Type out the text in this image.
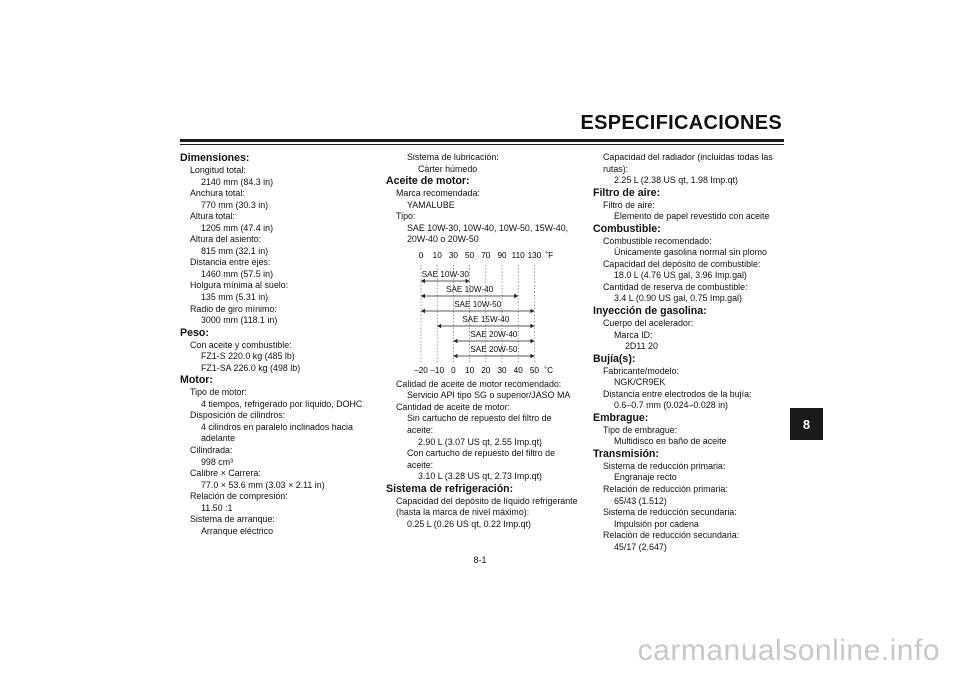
ESPECIFICACIONES
8
Dimensiones:
Longitud total:
2140 mm (84.3 in)
Anchura total:
770 mm (30.3 in)
Altura total:
1205 mm (47.4 in)
Altura del asiento:
815 mm (32.1 in)
Distancia entre ejes:
1460 mm (57.5 in)
Holgura mínima al suelo:
135 mm (5.31 in)
Radio de giro mínimo:
3000 mm (118.1 in)
Peso:
Con aceite y combustible:
FZ1-S 220.0 kg (485 lb)
FZ1-SA 226.0 kg (498 lb)
Motor:
Tipo de motor:
4 tiempos, refrigerado por líquido, DOHC
Disposición de cilindros:
4 cilindros en paralelo inclinados hacia
adelante
Cilindrada:
998 cm³
Calibre × Carrera:
77.0 × 53.6 mm (3.03 × 2.11 in)
Relación de compresión:
11.50 :1
Sistema de arranque:
Arranque eléctrico
Sistema de lubricación:
Cárter húmedo
Aceite de motor:
Marca recomendada:
YAMALUBE
Tipo:
SAE 10W-30, 10W-40, 10W-50, 15W-40,
20W-40 o 20W-50
0 10 30 50 70 90 110 130 ˚F
–20 –10 0 10 20 30 40 50 ˚C
SAE 10W-30
SAE 10W-40
SAE 10W-50
SAE 15W-40
SAE 20W-40
SAE 20W-50
Calidad de aceite de motor recomendado:
Servicio API tipo SG o superior/JASO MA
Cantidad de aceite de motor:
Sin cartucho de repuesto del filtro de
aceite:
2.90 L (3.07 US qt, 2.55 Imp.qt)
Con cartucho de repuesto del filtro de
aceite:
3.10 L (3.28 US qt, 2.73 Imp.qt)
Sistema de refrigeración:
Capacidad del depósito de líquido refrigerante
(hasta la marca de nivel máximo):
0.25 L (0.26 US qt, 0.22 Imp.qt)
Capacidad del radiador (incluidas todas las
rutas):
2.25 L (2.38 US qt, 1.98 Imp.qt)
Filtro de aire:
Filtro de aire:
Elemento de papel revestido con aceite
Combustible:
Combustible recomendado:
Únicamente gasolina normal sin plomo
Capacidad del depósito de combustible:
18.0 L (4.76 US gal, 3.96 Imp.gal)
Cantidad de reserva de combustible:
3.4 L (0.90 US gal, 0.75 Imp.gal)
Inyección de gasolina:
Cuerpo del acelerador:
Marca ID:
2D11 20
Bujía(s):
Fabricante/modelo:
NGK/CR9EK
Distancia entre electrodos de la bujía:
0.6–0.7 mm (0.024–0.028 in)
Embrague:
Tipo de embrague:
Multidisco en baño de aceite
Transmisión:
Sistema de reducción primaria:
Engranaje recto
Relación de reducción primaria:
65/43 (1.512)
Sistema de reducción secundaria:
Impulsión por cadena
Relación de reducción secundaria:
45/17 (2.647)
8-1
carmanualsonline.info
